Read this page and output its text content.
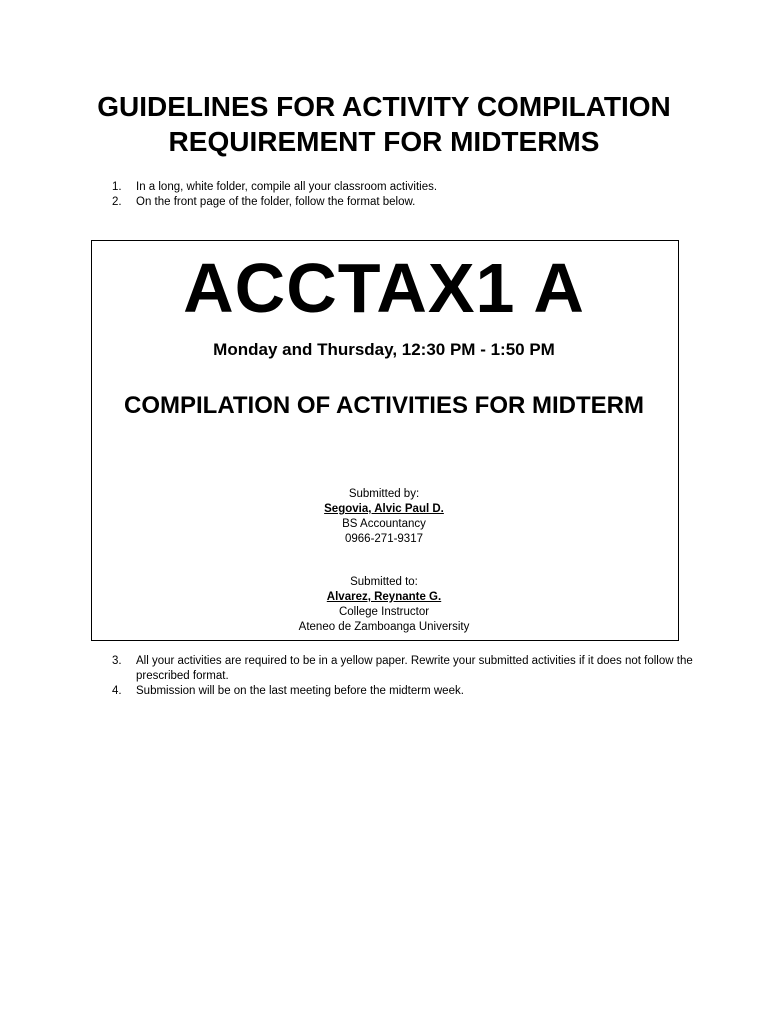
GUIDELINES FOR ACTIVITY COMPILATION REQUIREMENT FOR MIDTERMS
1. In a long, white folder, compile all your classroom activities.
2. On the front page of the folder, follow the format below.
ACCTAX1 A
Monday and Thursday, 12:30 PM - 1:50 PM
COMPILATION OF ACTIVITIES FOR MIDTERM
Submitted by:
Segovia, Alvic Paul D.
BS Accountancy
0966-271-9317
Submitted to:
Alvarez, Reynante G.
College Instructor
Ateneo de Zamboanga University
3. All your activities are required to be in a yellow paper. Rewrite your submitted activities if it does not follow the prescribed format.
4. Submission will be on the last meeting before the midterm week.
